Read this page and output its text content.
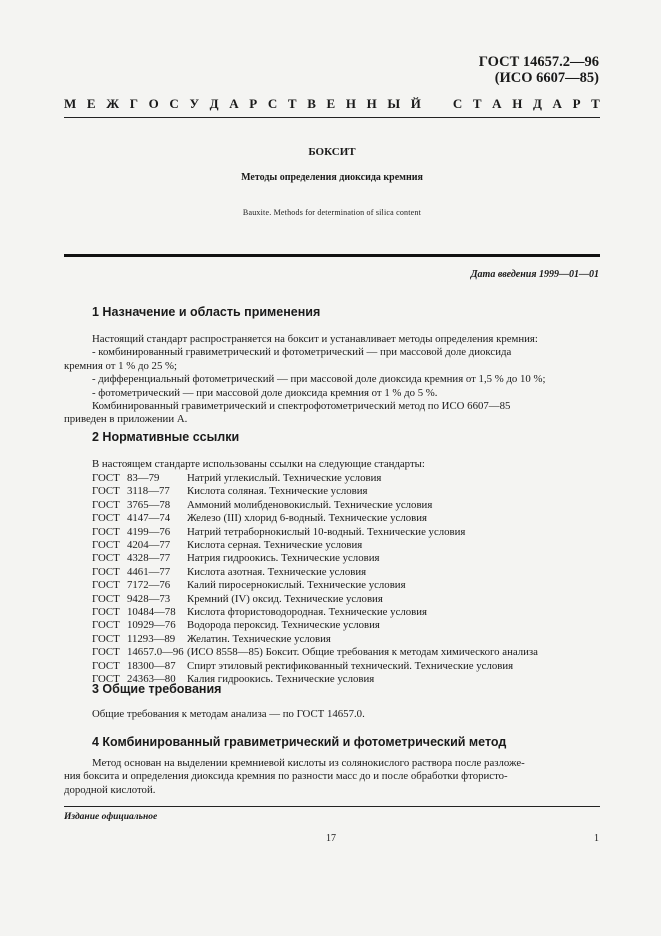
ГОСТ 14657.2—96
(ИСО 6607—85)
М Е Ж Г О С У Д А Р С Т В Е Н Н Ы Й С Т А Н Д А Р Т
БОКСИТ
Методы определения диоксида кремния
Bauxite. Methods for determination of silica content
Дата введения 1999—01—01
1 Назначение и область применения
Настоящий стандарт распространяется на боксит и устанавливает методы определения кремния:
- комбинированный гравиметрический и фотометрический — при массовой доле диоксида
кремния от 1 % до 25 %;
- дифференциальный фотометрический — при массовой доле диоксида кремния от 1,5 % до 10 %;
- фотометрический — при массовой доле диоксида кремния от 1 % до 5 %.
Комбинированный гравиметрический и спектрофотометрический метод по ИСО 6607—85
приведен в приложении А.
2 Нормативные ссылки
В настоящем стандарте использованы ссылки на следующие стандарты:
ГОСТ 83—79	Натрий углекислый. Технические условия
ГОСТ 3118—77	Кислота соляная. Технические условия
ГОСТ 3765—78	Аммоний молибденовокислый. Технические условия
ГОСТ 4147—74	Железо (III) хлорид 6-водный. Технические условия
ГОСТ 4199—76	Натрий тетраборнокислый 10-водный. Технические условия
ГОСТ 4204—77	Кислота серная. Технические условия
ГОСТ 4328—77	Натрия гидроокись. Технические условия
ГОСТ 4461—77	Кислота азотная. Технические условия
ГОСТ 7172—76	Калий пиросернокислый. Технические условия
ГОСТ 9428—73	Кремний (IV) оксид. Технические условия
ГОСТ 10484—78	Кислота фтористоводородная. Технические условия
ГОСТ 10929—76	Водорода пероксид. Технические условия
ГОСТ 11293—89	Желатин. Технические условия
ГОСТ 14657.0—96 (ИСО 8558—85) Боксит. Общие требования к методам химического анализа
ГОСТ 18300—87	Спирт этиловый ректификованный технический. Технические условия
ГОСТ 24363—80	Калия гидроокись. Технические условия
3 Общие требования
Общие требования к методам анализа — по ГОСТ 14657.0.
4 Комбинированный гравиметрический и фотометрический метод
Метод основан на выделении кремниевой кислоты из солянокислого раствора после разложе-
ния боксита и определения диоксида кремния по разности масс до и после обработки фтористо-
дородной кислотой.
Издание официальное
17	1
